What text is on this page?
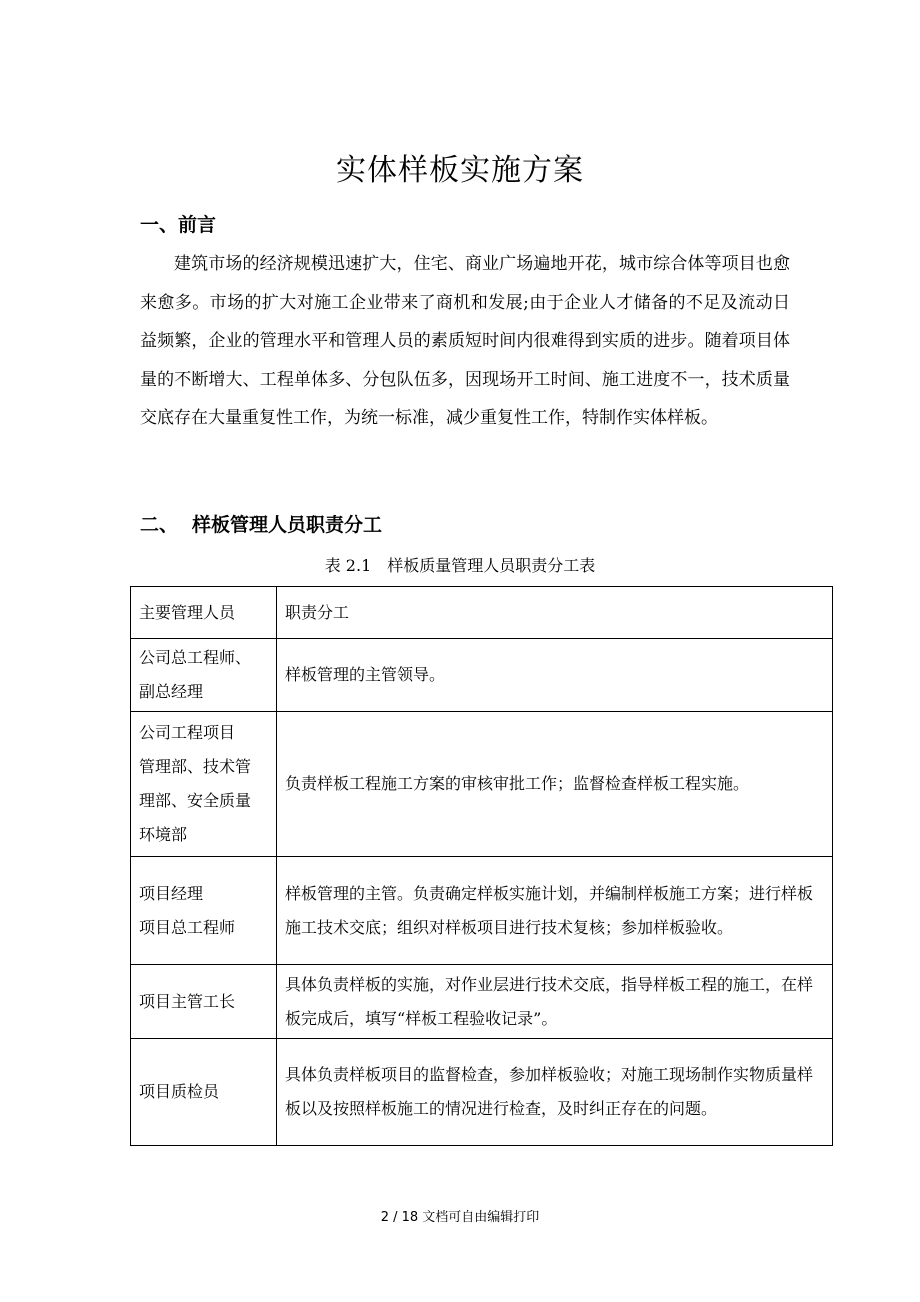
实体样板实施方案
一、前言

建筑市场的经济规模迅速扩大，住宅、商业广场遍地开花，城市综合体等项目也愈来愈多。市场的扩大对施工企业带来了商机和发展;由于企业人才储备的不足及流动日益频繁，企业的管理水平和管理人员的素质短时间内很难得到实质的进步。随着项目体量的不断增大、工程单体多、分包队伍多，因现场开工时间、施工进度不一，技术质量交底存在大量重复性工作，为统一标准，减少重复性工作，特制作实体样板。

二、 样板管理人员职责分工

表 2.1　样板质量管理人员职责分工表

主要管理人员	职责分工
公司总工程师、
副总经理	样板管理的主管领导。
公司工程项目
管理部、技术管
理部、安全质量
环境部	负责样板工程施工方案的审核审批工作；监督检查样板工程实施。
项目经理
项目总工程师	样板管理的主管。负责确定样板实施计划，并编制样板施工方案；进行样板施工技术交底；组织对样板项目进行技术复核；参加样板验收。
项目主管工长	具体负责样板的实施，对作业层进行技术交底，指导样板工程的施工，在样板完成后，填写“样板工程验收记录”。
项目质检员	具体负责样板项目的监督检查，参加样板验收；对施工现场制作实物质量样板以及按照样板施工的情况进行检查，及时纠正存在的问题。

2 / 18 文档可自由编辑打印
